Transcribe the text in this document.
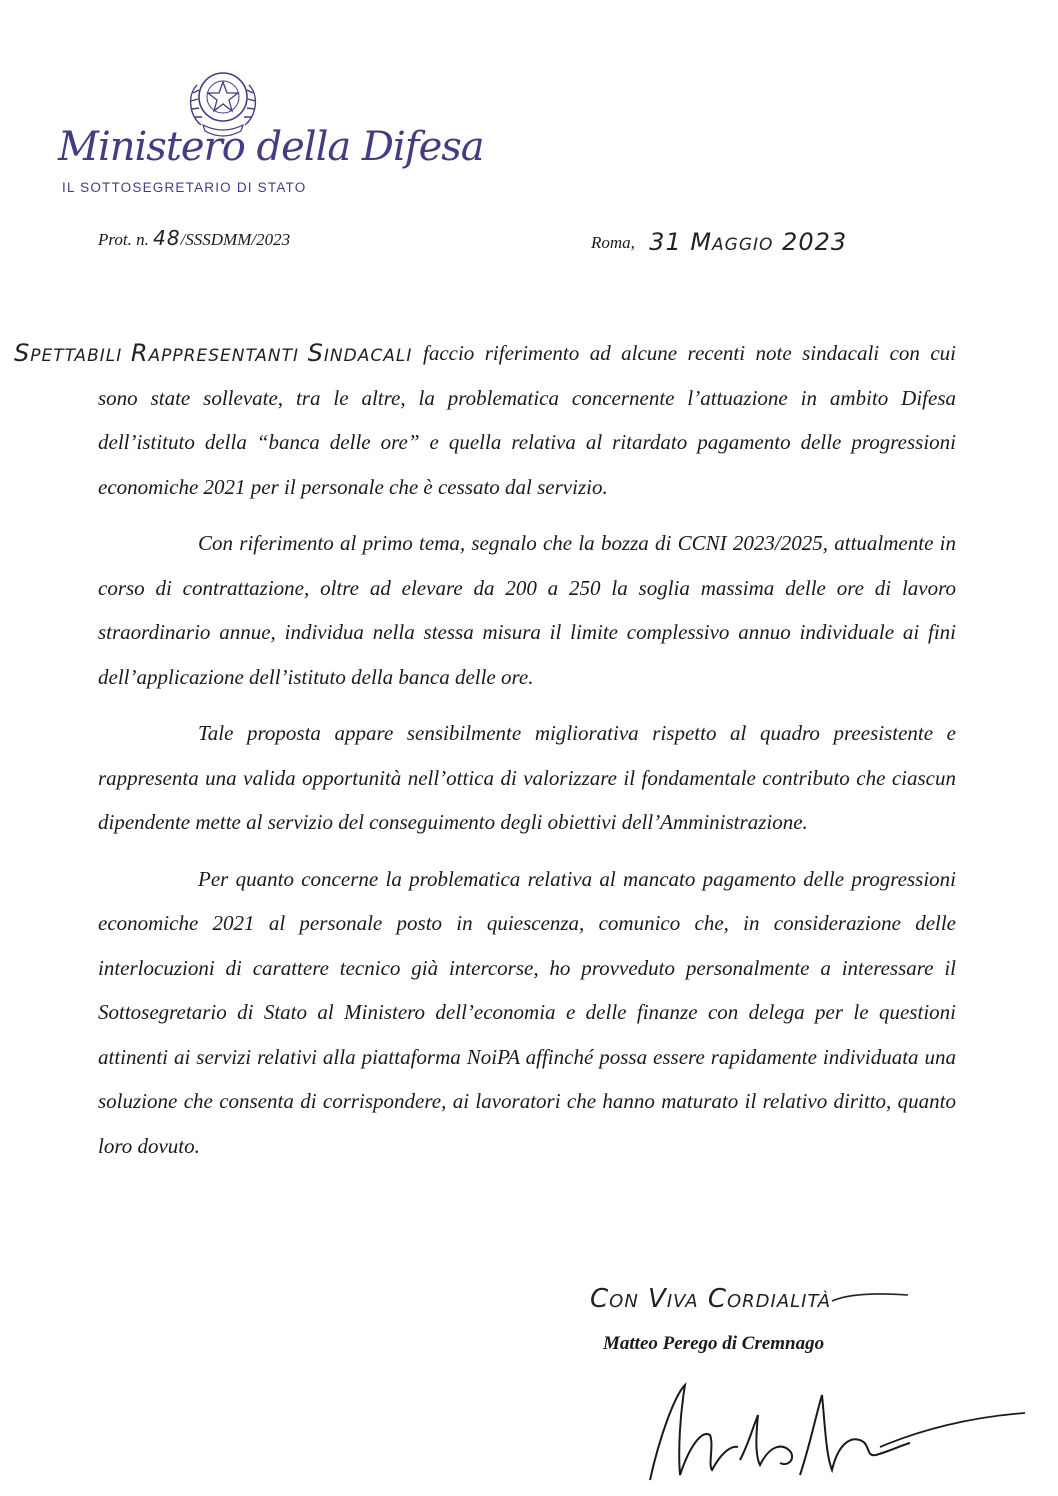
Ministero della Difesa
IL SOTTOSEGRETARIO DI STATO
Prot. n. 48/SSSDMM/2023	Roma, 31 Maggio 2023
Spettabili Rappresentanti Sindacali faccio riferimento ad alcune recenti note sindacali con cui sono state sollevate, tra le altre, la problematica concernente l’attuazione in ambito Difesa dell’istituto della “banca delle ore” e quella relativa al ritardato pagamento delle progressioni economiche 2021 per il personale che è cessato dal servizio.

Con riferimento al primo tema, segnalo che la bozza di CCNI 2023/2025, attualmente in corso di contrattazione, oltre ad elevare da 200 a 250 la soglia massima delle ore di lavoro straordinario annue, individua nella stessa misura il limite complessivo annuo individuale ai fini dell’applicazione dell’istituto della banca delle ore.

Tale proposta appare sensibilmente migliorativa rispetto al quadro preesistente e rappresenta una valida opportunità nell’ottica di valorizzare il fondamentale contributo che ciascun dipendente mette al servizio del conseguimento degli obiettivi dell’Amministrazione.

Per quanto concerne la problematica relativa al mancato pagamento delle progressioni economiche 2021 al personale posto in quiescenza, comunico che, in considerazione delle interlocuzioni di carattere tecnico già intercorse, ho provveduto personalmente a interessare il Sottosegretario di Stato al Ministero dell’economia e delle finanze con delega per le questioni attinenti ai servizi relativi alla piattaforma NoiPA affinché possa essere rapidamente individuata una soluzione che consenta di corrispondere, ai lavoratori che hanno maturato il relativo diritto, quanto loro dovuto.

Con Viva Cordialità
Matteo Perego di Cremnago
